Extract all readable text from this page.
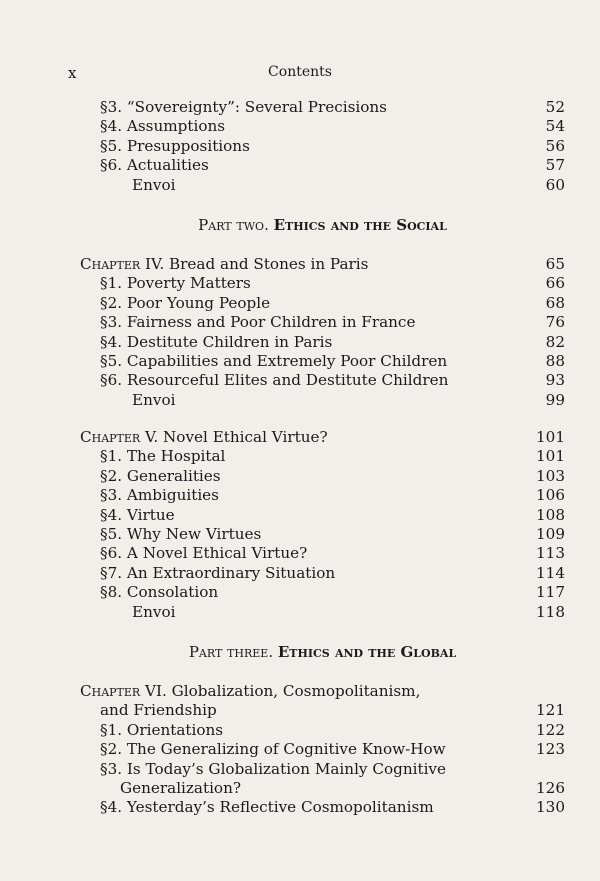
x	Contents
§3. “Sovereignty”: Several Precisions	52
§4. Assumptions	54
§5. Presuppositions	56
§6. Actualities	57
Envoi	60
Part two. Ethics and the Social
Chapter IV. Bread and Stones in Paris	65
§1. Poverty Matters	66
§2. Poor Young People	68
§3. Fairness and Poor Children in France	76
§4. Destitute Children in Paris	82
§5. Capabilities and Extremely Poor Children	88
§6. Resourceful Elites and Destitute Children	93
Envoi	99
Chapter V. Novel Ethical Virtue?	101
§1. The Hospital	101
§2. Generalities	103
§3. Ambiguities	106
§4. Virtue	108
§5. Why New Virtues	109
§6. A Novel Ethical Virtue?	113
§7. An Extraordinary Situation	114
§8. Consolation	117
Envoi	118
Part three. Ethics and the Global
Chapter VI. Globalization, Cosmopolitanism,
and Friendship	121
§1. Orientations	122
§2. The Generalizing of Cognitive Know-How	123
§3. Is Today’s Globalization Mainly Cognitive
Generalization?	126
§4. Yesterday’s Reflective Cosmopolitanism	130
